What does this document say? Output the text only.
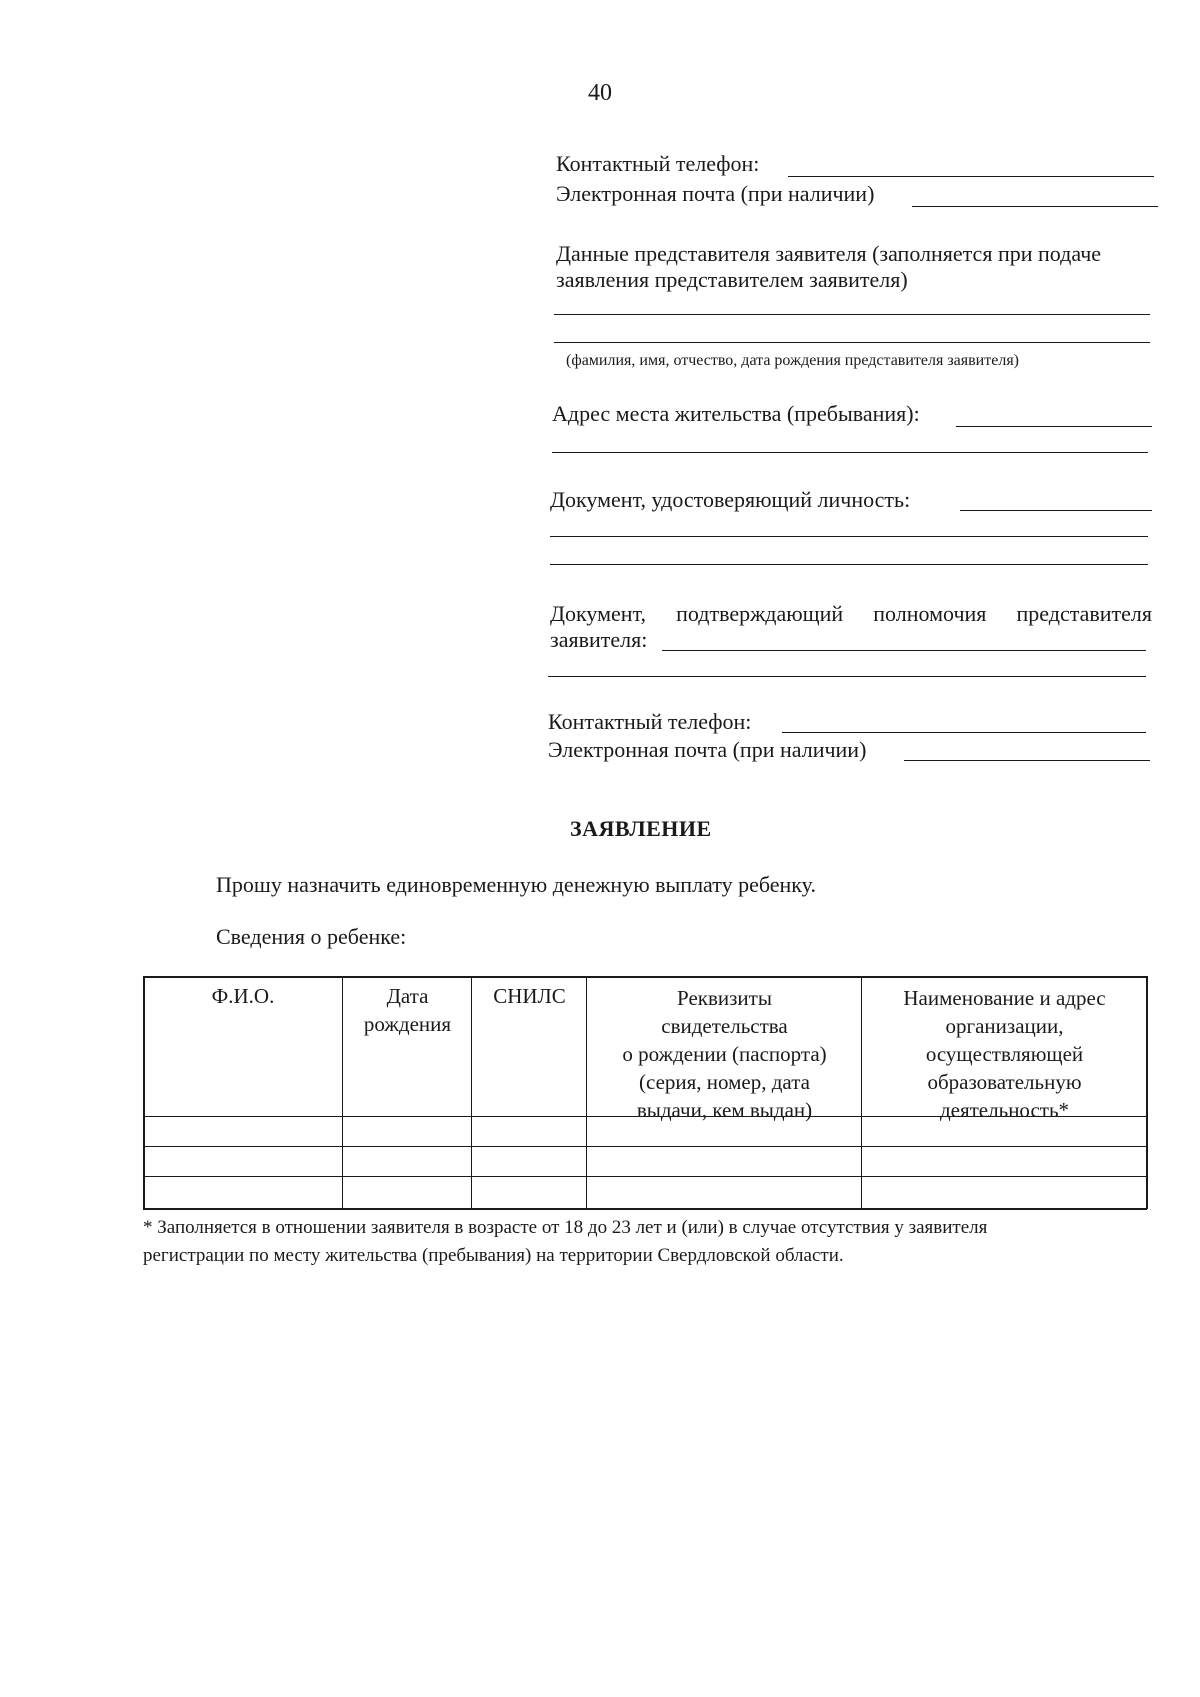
40
Контактный телефон:
Электронная почта (при наличии)
Данные представителя заявителя (заполняется при подаче
заявления представителем заявителя)
(фамилия, имя, отчество, дата рождения представителя заявителя)
Адрес места жительства (пребывания):
Документ, удостоверяющий личность:
Документ, подтверждающий полномочия представителя
заявителя:
Контактный телефон:
Электронная почта (при наличии)
ЗАЯВЛЕНИЕ
Прошу назначить единовременную денежную выплату ребенку.
Сведения о ребенке:
Ф.И.О.	Дата
рождения
СНИЛС	Реквизиты
свидетельства
о рождении (паспорта)
(серия, номер, дата
выдачи, кем выдан)
Наименование и адрес
организации,
осуществляющей
образовательную
деятельность*
* Заполняется в отношении заявителя в возрасте от 18 до 23 лет и (или) в случае отсутствия у заявителя
регистрации по месту жительства (пребывания) на территории Свердловской области.
